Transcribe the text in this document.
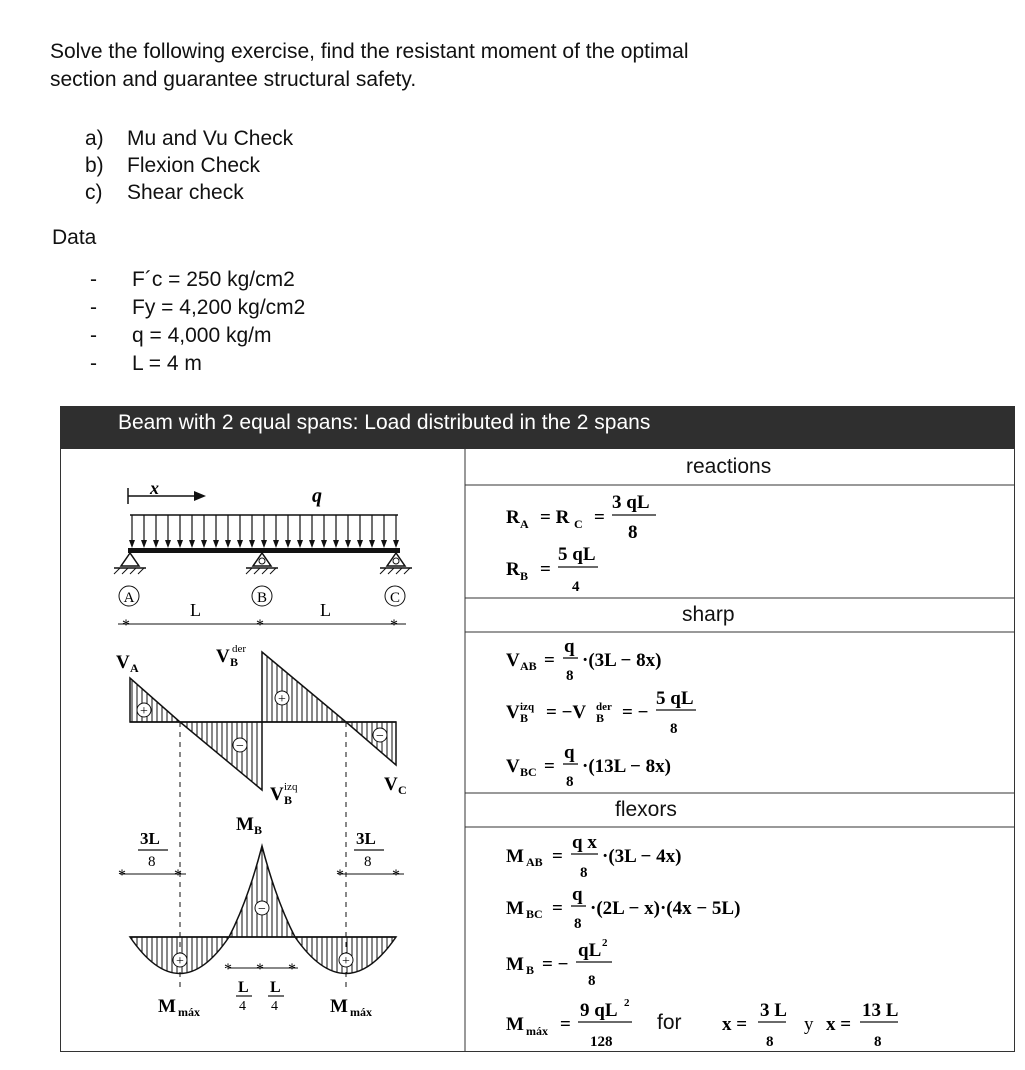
Solve the following exercise, find the resistant moment of the optimal
section and guarantee structural safety.
a) Mu and Vu Check
b) Flexion Check
c) Shear check
Data
- F´c = 250 kg/cm2
- Fy = 4,200 kg/cm2
- q = 4,000 kg/m
- L = 4 m
Beam with 2 equal spans: Load distributed in the 2 spans
R A = R C =
3 qL
8
R B =
5 qL
4
V AB =
q
8
·(3L − 8x)
V B
izq = −V B
der = −
5 qL
8
V BC =
q
8
·(13L − 8x)
M AB =
q x
8
·(3L − 4x)
M BC =
q
8
·(2L − x)·(4x − 5L)
M B = −
qL 2
8
M máx =
9 qL 2
128
x =
3 L
8
x =
13 L
8
y
x	q
A	B	C
L	L
*	*	*
+
−
+
−
V A
V B
der
V B
izq	V C
+
−
+
M B
M máx	M máx
3L
8
*	*
3L
8
*	*
* * *
L
4
L
4
reactions
sharp
flexors
for
